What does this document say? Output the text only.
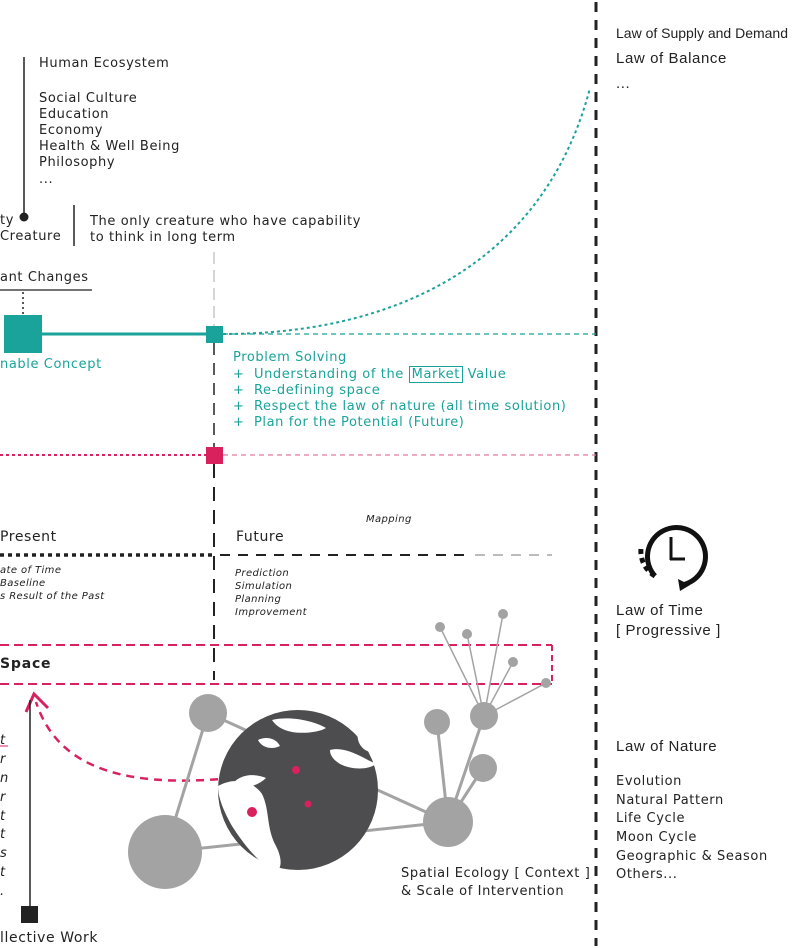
Law of Supply and Demand
Law of Balance
...
Human Ecosystem
Social Culture
Education
Economy
Health & Well Being
Philosophy
...
ty
Creature
The only creature who have capability
to think in long term
ant Changes
nable Concept	Problem Solving
+ Understanding of the Market Value
+ Re-defining space
+ Respect the law of nature (all time solution)
+ Plan for the Potential (Future)
Present	Future
Mapping
ate of Time
Baseline
s Result of the Past
Prediction
Simulation
Planning
Improvement
Space
Law of Time
[ Progressive ]
Law of Nature
Evolution
Natural Pattern
Life Cycle
Moon Cycle
Geographic & Season
Others...
t
r
n
r
t
t
s
t
.
Spatial Ecology [ Context ]
& Scale of Intervention
llective Work
